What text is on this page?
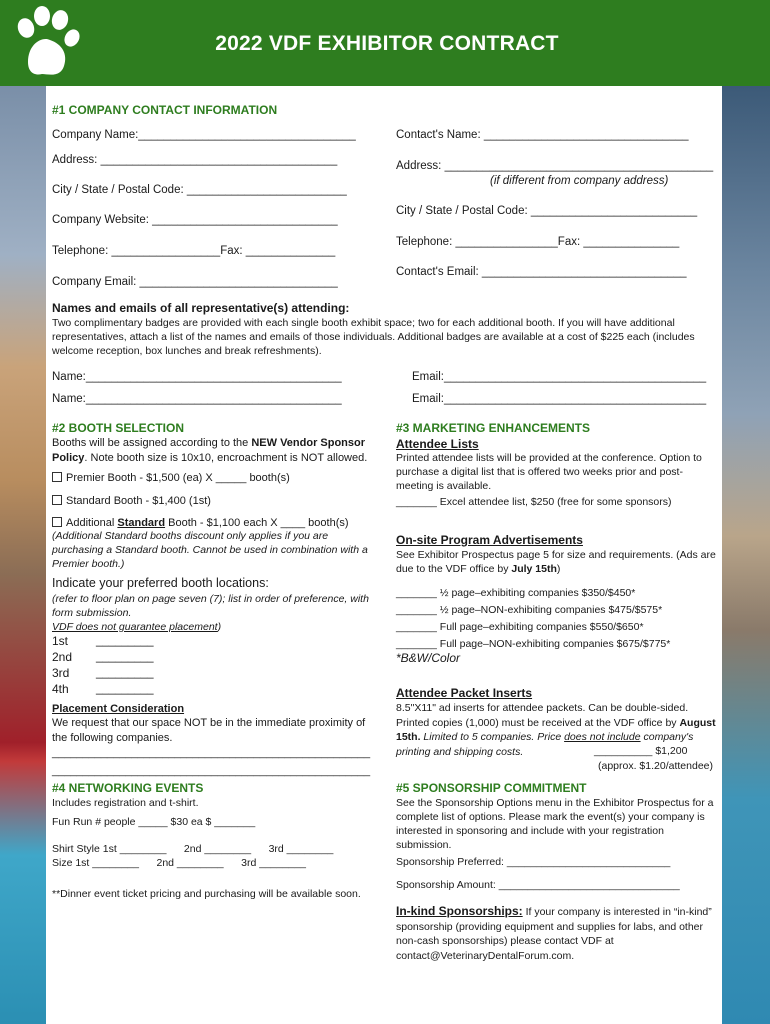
2022 VDF EXHIBITOR CONTRACT
#1 COMPANY CONTACT INFORMATION
Company Name:__________________________________
Address: _____________________________________
City / State / Postal Code: _________________________
Company Website: _____________________________
Telephone: _________________Fax: ______________
Company Email: _______________________________
Contact's Name: ________________________________
Address: __________________________________________
(if different from company address)
City / State / Postal Code: __________________________
Telephone: ________________Fax: _______________
Contact's Email: ________________________________
Names and emails of all representative(s) attending:
Two complimentary badges are provided with each single booth exhibit space; two for each additional booth. If you will have additional representatives, attach a list of the names and emails of those individuals. Additional badges are available at a cost of $225 each (includes welcome reception, box lunches and break refreshments).
Name:________________________________________
Name:________________________________________
Email:_________________________________________
Email:_________________________________________
#2 BOOTH SELECTION
Booths will be assigned according to the NEW Vendor Sponsor Policy. Note booth size is 10x10, encroachment is NOT allowed.
Premier Booth - $1,500 (ea) X _____ booth(s)
Standard Booth - $1,400 (1st)
Additional Standard Booth - $1,100 each X ____ booth(s)
(Additional Standard booths discount only applies if you are purchasing a Standard booth. Cannot be used in combination with a Premier booth.)
Indicate your preferred booth locations:
(refer to floor plan on page seven (7); list in order of preference, with form submission.
VDF does not guarantee placement)
1st _________
2nd _________
3rd _________
4th _________
Placement Consideration
We request that our space NOT be in the immediate proximity of the following companies.
____________________________________________________
____________________________________________________
#3 MARKETING ENHANCEMENTS
Attendee Lists
Printed attendee lists will be provided at the conference. Option to purchase a digital list that is offered two weeks prior and post-meeting is available.
_______ Excel attendee list, $250 (free for some sponsors)
On-site Program Advertisements
See Exhibitor Prospectus page 5 for size and requirements. (Ads are due to the VDF office by July 15th)
_______ ½ page–exhibiting companies $350/$450*
_______ ½ page–NON-exhibiting companies $475/$575*
_______ Full page–exhibiting companies $550/$650*
_______ Full page–NON-exhibiting companies $675/$775*
*B&W/Color
Attendee Packet Inserts
8.5"X11" ad inserts for attendee packets. Can be double-sided. Printed copies (1,000) must be received at the VDF office by August 15th. Limited to 5 companies. Price does not include company's printing and shipping costs.	__________ $1,200
(approx. $1.20/attendee)
#4 NETWORKING EVENTS
Includes registration and t-shirt.
Fun Run # people _____ $30 ea $ _______
Shirt Style 1st ________      2nd ________      3rd ________
Size 1st ________      2nd ________      3rd ________
**Dinner event ticket pricing and purchasing will be available soon.
#5 SPONSORSHIP COMMITMENT
See the Sponsorship Options menu in the Exhibitor Prospectus for a complete list of options. Please mark the event(s) your company is interested in sponsoring and include with your registration submission.
Sponsorship Preferred: ____________________________
Sponsorship Amount: _______________________________
In-kind Sponsorships: If your company is interested in “in-kind” sponsorship (providing equipment and supplies for labs, and other non-cash sponsorships) please contact VDF at contact@VeterinaryDentalForum.com.
